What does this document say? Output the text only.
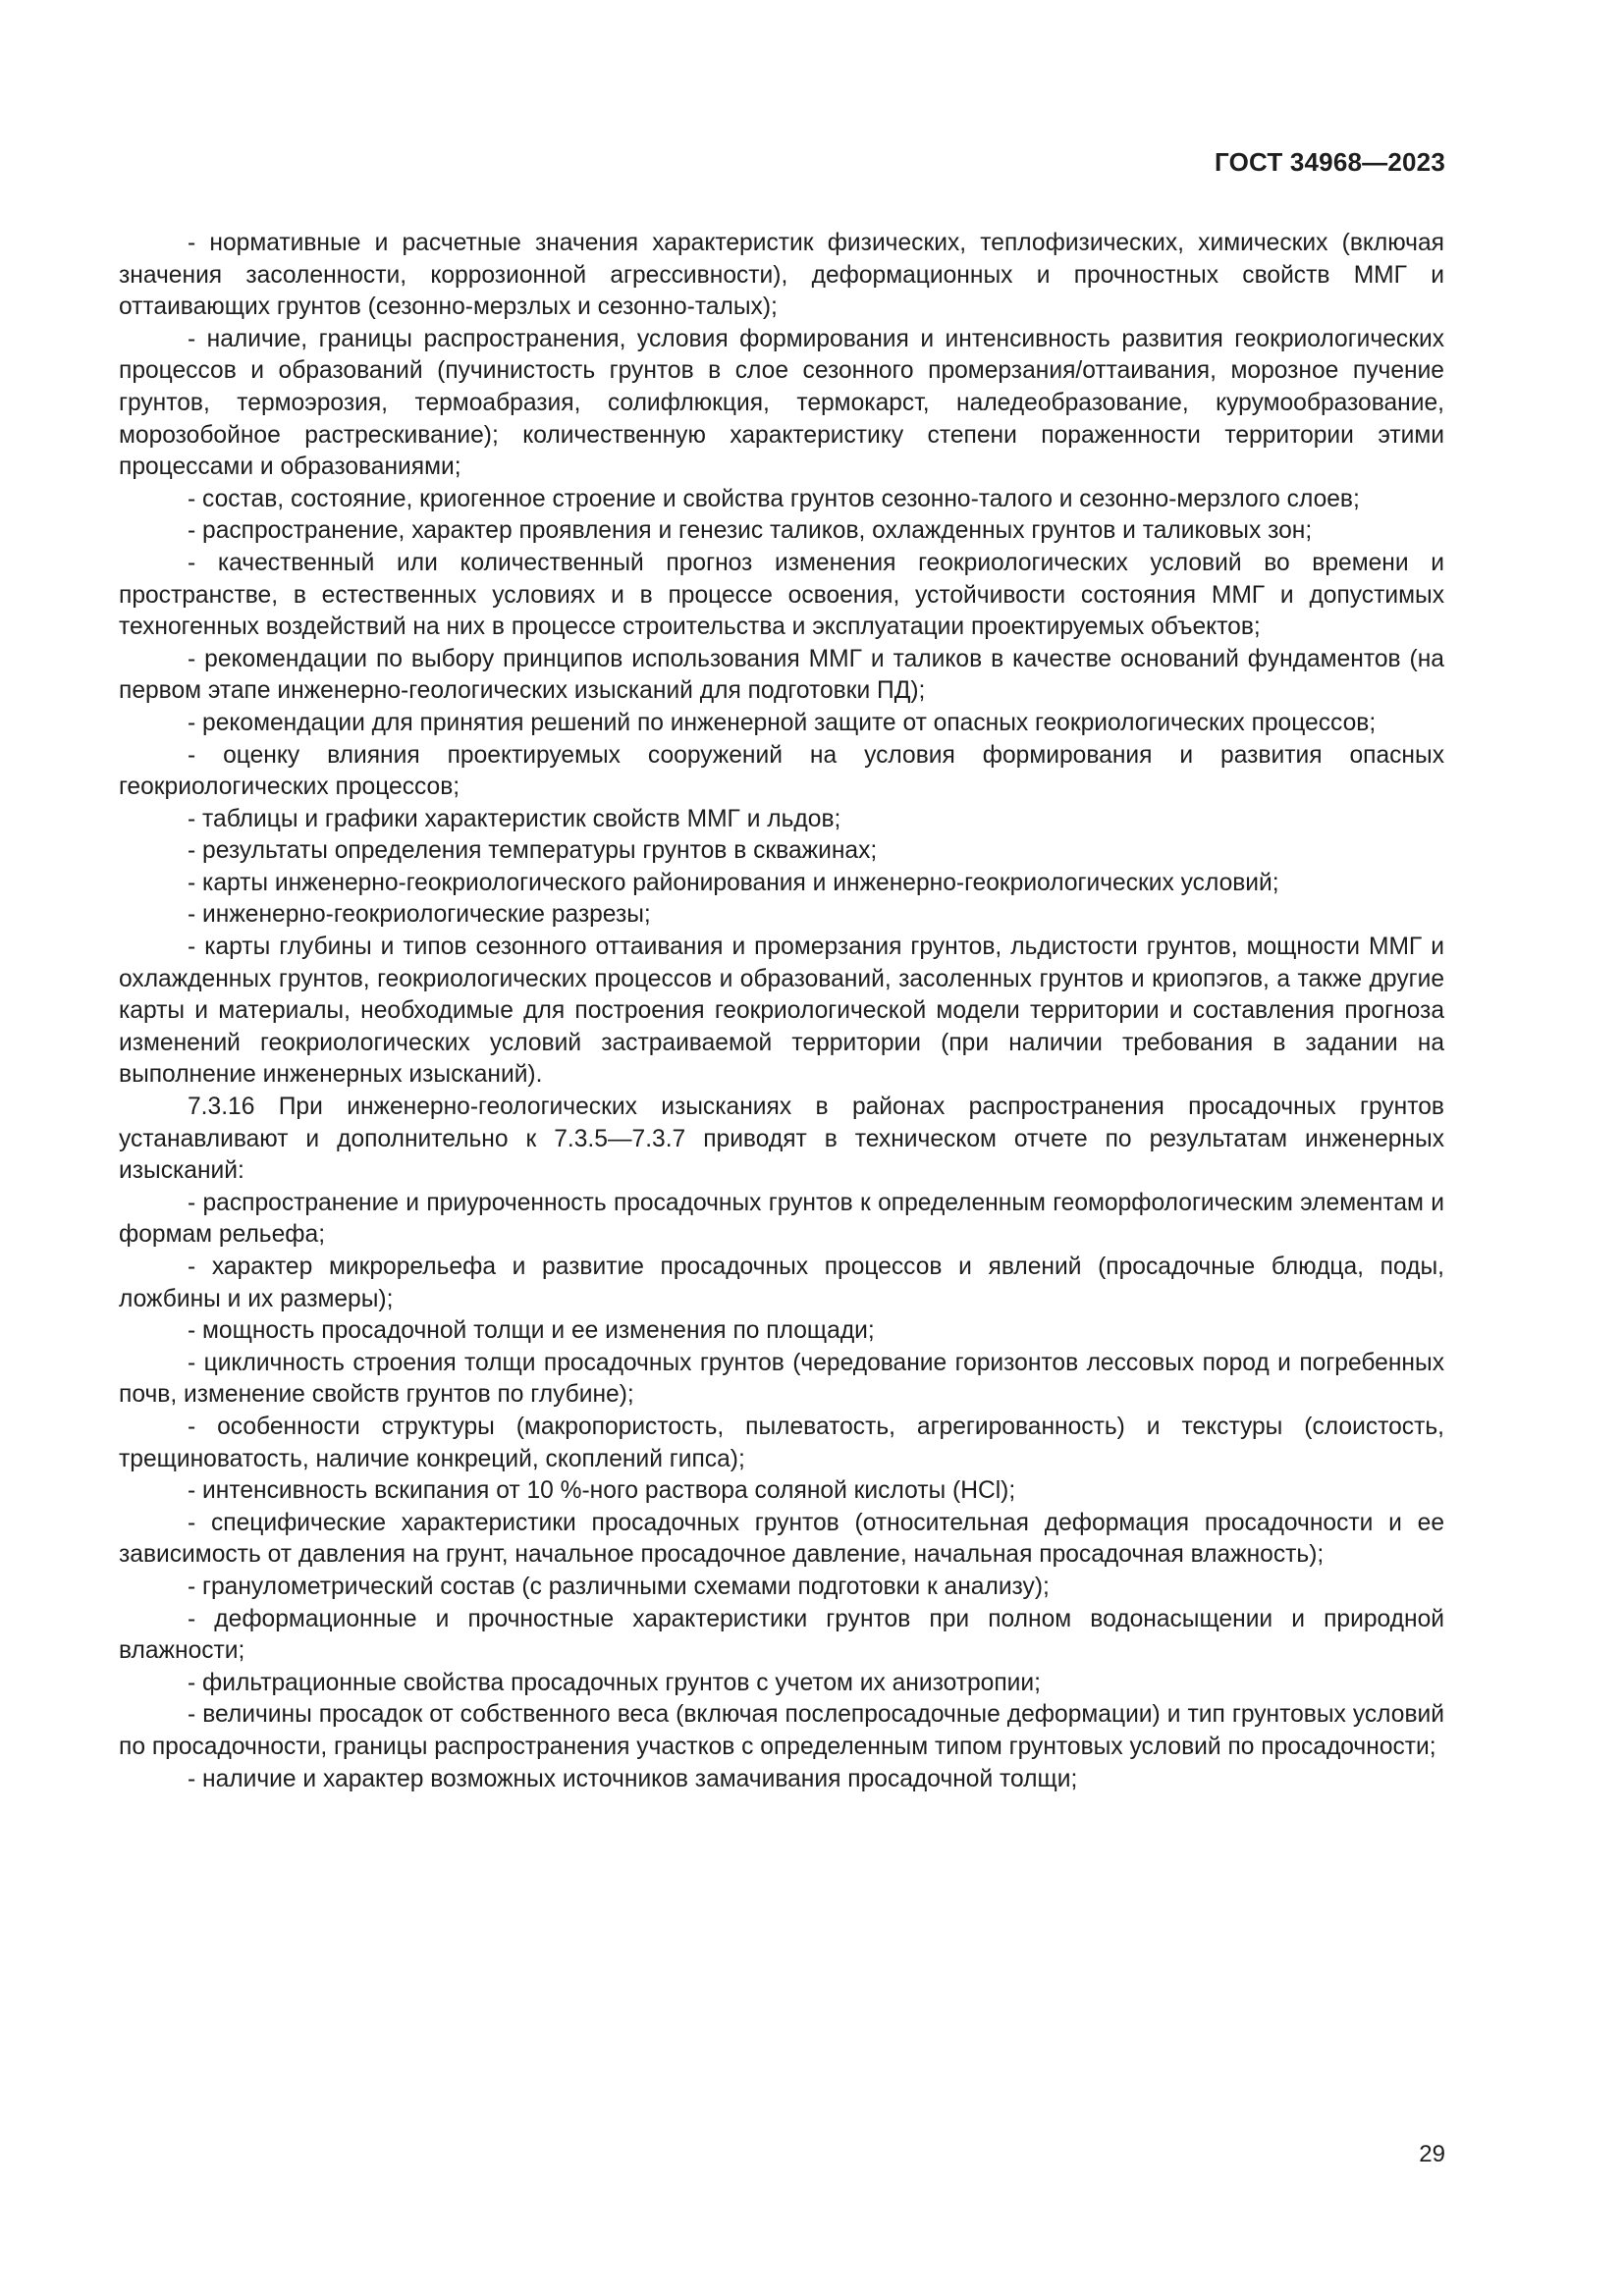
ГОСТ 34968—2023

- нормативные и расчетные значения характеристик физических, теплофизических, химических (включая значения засоленности, коррозионной агрессивности), деформационных и прочностных свойств ММГ и оттаивающих грунтов (сезонно-мерзлых и сезонно-талых);

- наличие, границы распространения, условия формирования и интенсивность развития геокриологических процессов и образований (пучинистость грунтов в слое сезонного промерзания/оттаивания, морозное пучение грунтов, термоэрозия, термоабразия, солифлюкция, термокарст, наледеобразование, курумообразование, морозобойное растрескивание); количественную характеристику степени пораженности территории этими процессами и образованиями;

- состав, состояние, криогенное строение и свойства грунтов сезонно-талого и сезонно-мерзлого слоев;

- распространение, характер проявления и генезис таликов, охлажденных грунтов и таликовых зон;

- качественный или количественный прогноз изменения геокриологических условий во времени и пространстве, в естественных условиях и в процессе освоения, устойчивости состояния ММГ и допустимых техногенных воздействий на них в процессе строительства и эксплуатации проектируемых объектов;

- рекомендации по выбору принципов использования ММГ и таликов в качестве оснований фундаментов (на первом этапе инженерно-геологических изысканий для подготовки ПД);

- рекомендации для принятия решений по инженерной защите от опасных геокриологических процессов;

- оценку влияния проектируемых сооружений на условия формирования и развития опасных геокриологических процессов;

- таблицы и графики характеристик свойств ММГ и льдов;

- результаты определения температуры грунтов в скважинах;

- карты инженерно-геокриологического районирования и инженерно-геокриологических условий;

- инженерно-геокриологические разрезы;

- карты глубины и типов сезонного оттаивания и промерзания грунтов, льдистости грунтов, мощности ММГ и охлажденных грунтов, геокриологических процессов и образований, засоленных грунтов и криопэгов, а также другие карты и материалы, необходимые для построения геокриологической модели территории и составления прогноза изменений геокриологических условий застраиваемой территории (при наличии требования в задании на выполнение инженерных изысканий).

7.3.16 При инженерно-геологических изысканиях в районах распространения просадочных грунтов устанавливают и дополнительно к 7.3.5—7.3.7 приводят в техническом отчете по результатам инженерных изысканий:

- распространение и приуроченность просадочных грунтов к определенным геоморфологическим элементам и формам рельефа;

- характер микрорельефа и развитие просадочных процессов и явлений (просадочные блюдца, поды, ложбины и их размеры);

- мощность просадочной толщи и ее изменения по площади;

- цикличность строения толщи просадочных грунтов (чередование горизонтов лессовых пород и погребенных почв, изменение свойств грунтов по глубине);

- особенности структуры (макропористость, пылеватость, агрегированность) и текстуры (слоистость, трещиноватость, наличие конкреций, скоплений гипса);

- интенсивность вскипания от 10 %-ного раствора соляной кислоты (HCl);

- специфические характеристики просадочных грунтов (относительная деформация просадочности и ее зависимость от давления на грунт, начальное просадочное давление, начальная просадочная влажность);

- гранулометрический состав (с различными схемами подготовки к анализу);

- деформационные и прочностные характеристики грунтов при полном водонасыщении и природной влажности;

- фильтрационные свойства просадочных грунтов с учетом их анизотропии;

- величины просадок от собственного веса (включая послепросадочные деформации) и тип грунтовых условий по просадочности, границы распространения участков с определенным типом грунтовых условий по просадочности;

- наличие и характер возможных источников замачивания просадочной толщи;

29
